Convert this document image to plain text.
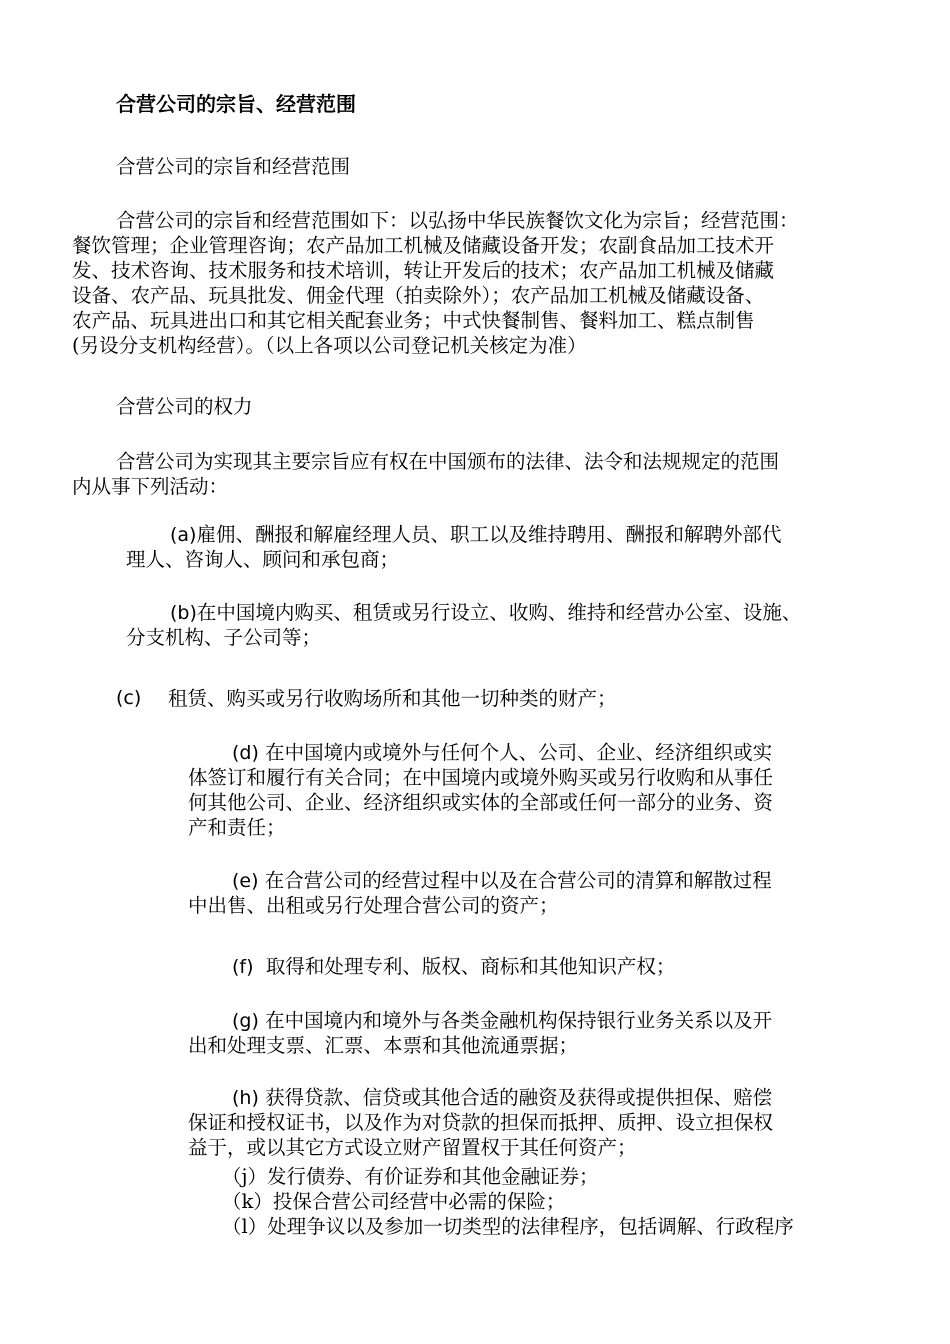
合营公司的宗旨、经营范围
合营公司的宗旨和经营范围
合营公司的宗旨和经营范围如下：以弘扬中华民族餐饮文化为宗旨；经营范围：
餐饮管理；企业管理咨询；农产品加工机械及储藏设备开发；农副食品加工技术开
发、技术咨询、技术服务和技术培训，转让开发后的技术；农产品加工机械及储藏
设备、农产品、玩具批发、佣金代理（拍卖除外）；农产品加工机械及储藏设备、
农产品、玩具进出口和其它相关配套业务；中式快餐制售、餐料加工、糕点制售
(另设分支机构经营）。（以上各项以公司登记机关核定为准）
合营公司的权力
合营公司为实现其主要宗旨应有权在中国颁布的法律、法令和法规规定的范围
内从事下列活动：
(a)雇佣、酬报和解雇经理人员、职工以及维持聘用、酬报和解聘外部代
理人、咨询人、顾问和承包商；
(b)在中国境内购买、租赁或另行设立、收购、维持和经营办公室、设施、
分支机构、子公司等；
(c) 租赁、购买或另行收购场所和其他一切种类的财产；
(d) 在中国境内或境外与任何个人、公司、企业、经济组织或实
体签订和履行有关合同；在中国境内或境外购买或另行收购和从事任
何其他公司、企业、经济组织或实体的全部或任何一部分的业务、资
产和责任；
(e) 在合营公司的经营过程中以及在合营公司的清算和解散过程
中出售、出租或另行处理合营公司的资产；
(f)  取得和处理专利、版权、商标和其他知识产权；
(g) 在中国境内和境外与各类金融机构保持银行业务关系以及开
出和处理支票、汇票、本票和其他流通票据；
(h) 获得贷款、信贷或其他合适的融资及获得或提供担保、赔偿
保证和授权证书，以及作为对贷款的担保而抵押、质押、设立担保权
益于，或以其它方式设立财产留置权于其任何资产；
（j）发行债券、有价证券和其他金融证券；
（k）投保合营公司经营中必需的保险；
（l）处理争议以及参加一切类型的法律程序，包括调解、行政程序
